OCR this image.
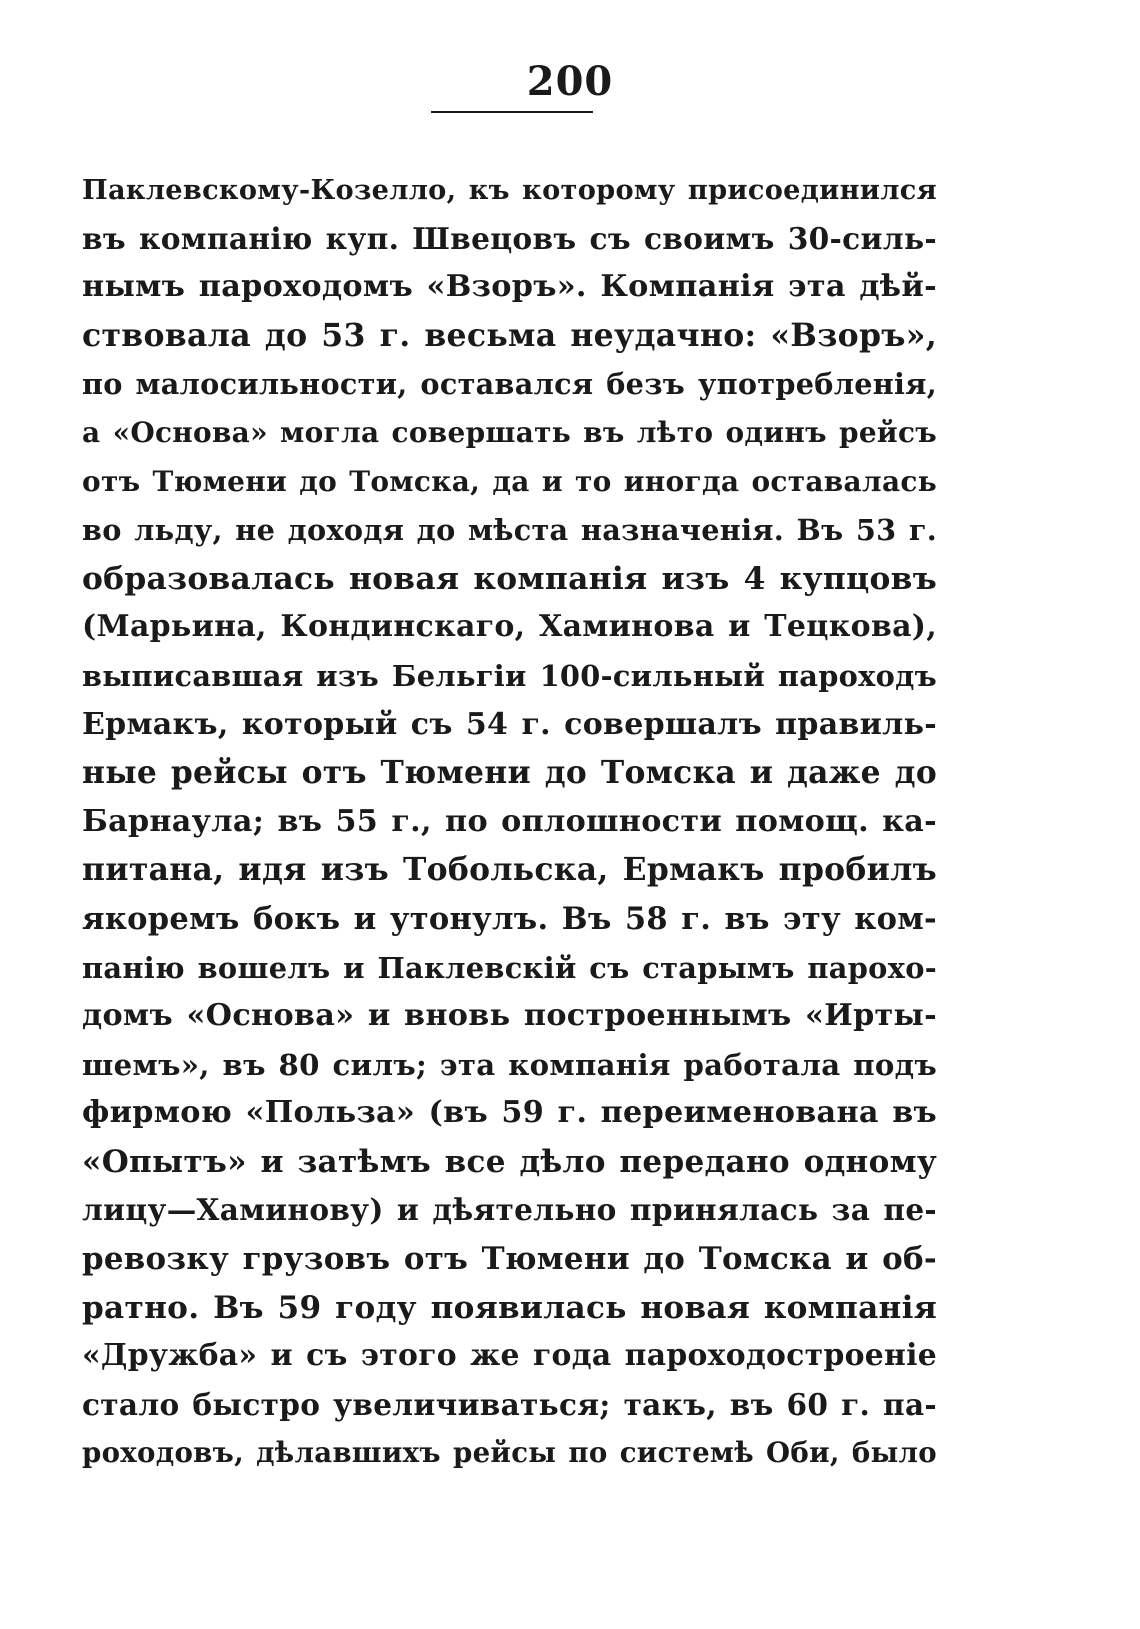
200
Паклевскому-Козелло, къ которому присоединился
въ компанію куп. Швецовъ съ своимъ 30-силь-
нымъ пароходомъ «Взоръ». Компанія эта дѣй-
ствовала до 53 г. весьма неудачно: «Взоръ»,
по малосильности, оставался безъ употребленія,
а «Основа» могла совершать въ лѣто одинъ рейсъ
отъ Тюмени до Томска, да и то иногда оставалась
во льду, не доходя до мѣста назначенія. Въ 53 г.
образовалась новая компанія изъ 4 купцовъ
(Марьина, Кондинскаго, Хаминова и Тецкова),
выписавшая изъ Бельгіи 100-сильный пароходъ
Ермакъ, который съ 54 г. совершалъ правиль-
ные рейсы отъ Тюмени до Томска и даже до
Барнаула; въ 55 г., по оплошности помощ. ка-
питана, идя изъ Тобольска, Ермакъ пробилъ
якоремъ бокъ и утонулъ. Въ 58 г. въ эту ком-
панію вошелъ и Паклевскій съ старымъ парохо-
домъ «Основа» и вновь построеннымъ «Ирты-
шемъ», въ 80 силъ; эта компанія работала подъ
фирмою «Польза» (въ 59 г. переименована въ
«Опытъ» и затѣмъ все дѣло передано одному
лицу—Хаминову) и дѣятельно принялась за пе-
ревозку грузовъ отъ Тюмени до Томска и об-
ратно. Въ 59 году появилась новая компанія
«Дружба» и съ этого же года пароходостроеніе
стало быстро увеличиваться; такъ, въ 60 г. па-
роходовъ, дѣлавшихъ рейсы по системѣ Оби, было
